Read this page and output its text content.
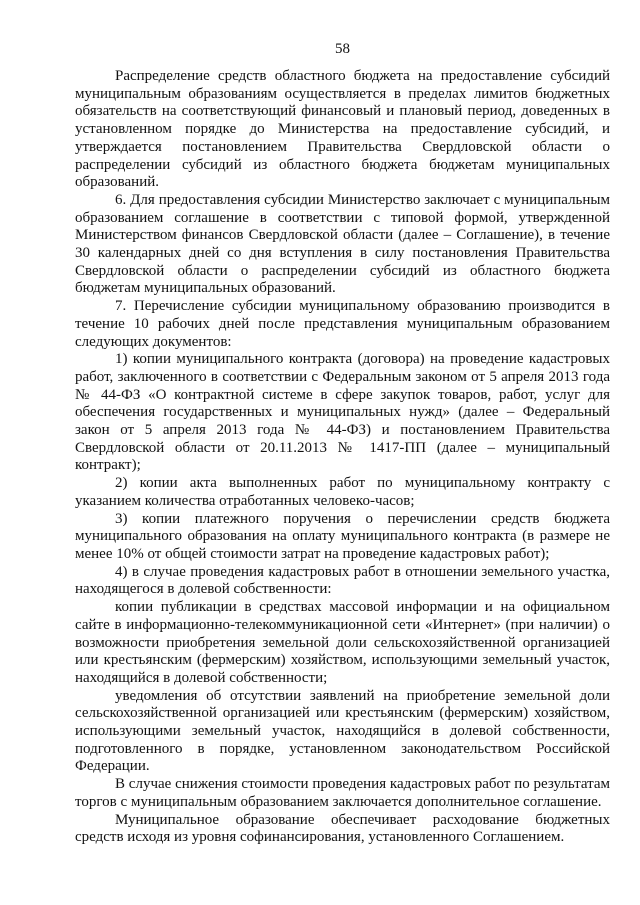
58

Распределение средств областного бюджета на предоставление субсидий муниципальным образованиям осуществляется в пределах лимитов бюджетных обязательств на соответствующий финансовый и плановый период, доведенных в установленном порядке до Министерства на предоставление субсидий, и утверждается постановлением Правительства Свердловской области о распределении субсидий из областного бюджета бюджетам муниципальных образований.

6. Для предоставления субсидии Министерство заключает с муниципальным образованием соглашение в соответствии с типовой формой, утвержденной Министерством финансов Свердловской области (далее – Соглашение), в течение 30 календарных дней со дня вступления в силу постановления Правительства Свердловской области о распределении субсидий из областного бюджета бюджетам муниципальных образований.

7. Перечисление субсидии муниципальному образованию производится в течение 10 рабочих дней после представления муниципальным образованием следующих документов:

1) копии муниципального контракта (договора) на проведение кадастровых работ, заключенного в соответствии с Федеральным законом от 5 апреля 2013 года № 44-ФЗ «О контрактной системе в сфере закупок товаров, работ, услуг для обеспечения государственных и муниципальных нужд» (далее – Федеральный закон от 5 апреля 2013 года № 44-ФЗ) и постановлением Правительства Свердловской области от 20.11.2013 № 1417-ПП (далее – муниципальный контракт);

2) копии акта выполненных работ по муниципальному контракту с указанием количества отработанных человеко-часов;

3) копии платежного поручения о перечислении средств бюджета муниципального образования на оплату муниципального контракта (в размере не менее 10% от общей стоимости затрат на проведение кадастровых работ);

4) в случае проведения кадастровых работ в отношении земельного участка, находящегося в долевой собственности:

копии публикации в средствах массовой информации и на официальном сайте в информационно-телекоммуникационной сети «Интернет» (при наличии) о возможности приобретения земельной доли сельскохозяйственной организацией или крестьянским (фермерским) хозяйством, использующими земельный участок, находящийся в долевой собственности;

уведомления об отсутствии заявлений на приобретение земельной доли сельскохозяйственной организацией или крестьянским (фермерским) хозяйством, использующими земельный участок, находящийся в долевой собственности, подготовленного в порядке, установленном законодательством Российской Федерации.

В случае снижения стоимости проведения кадастровых работ по результатам торгов с муниципальным образованием заключается дополнительное соглашение.

Муниципальное образование обеспечивает расходование бюджетных средств исходя из уровня софинансирования, установленного Соглашением.
